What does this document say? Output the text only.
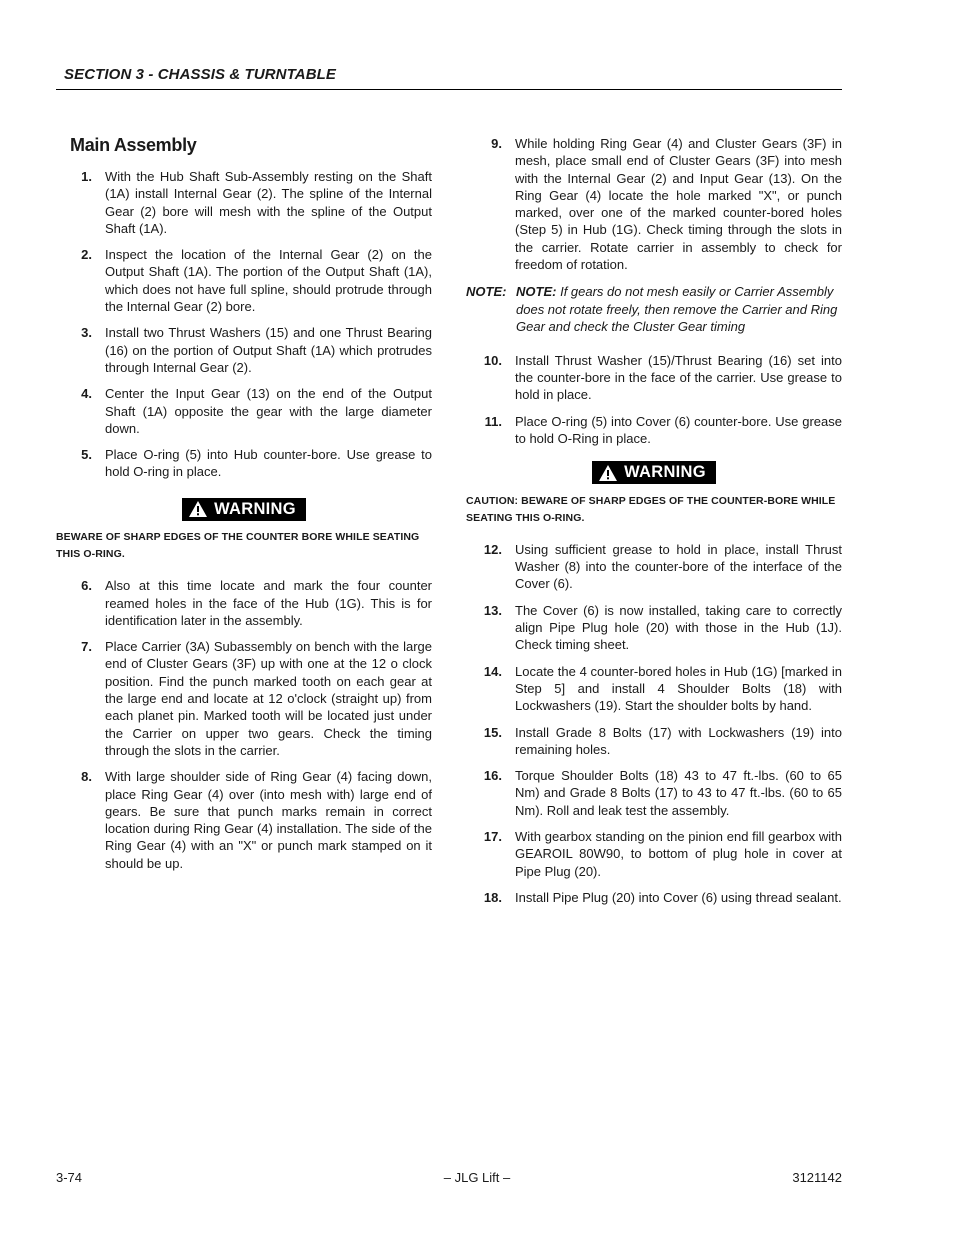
SECTION 3 - CHASSIS & TURNTABLE
Main Assembly
1. With the Hub Shaft Sub-Assembly resting on the Shaft (1A) install Internal Gear (2). The spline of the Internal Gear (2) bore will mesh with the spline of the Output Shaft (1A).
2. Inspect the location of the Internal Gear (2) on the Output Shaft (1A). The portion of the Output Shaft (1A), which does not have full spline, should protrude through the Internal Gear (2) bore.
3. Install two Thrust Washers (15) and one Thrust Bearing (16) on the portion of Output Shaft (1A) which protrudes through Internal Gear (2).
4. Center the Input Gear (13) on the end of the Output Shaft (1A) opposite the gear with the large diameter down.
5. Place O-ring (5) into Hub counter-bore. Use grease to hold O-ring in place.
WARNING
BEWARE OF SHARP EDGES OF THE COUNTER BORE WHILE SEATING THIS O-RING.
6. Also at this time locate and mark the four counter reamed holes in the face of the Hub (1G). This is for identification later in the assembly.
7. Place Carrier (3A) Subassembly on bench with the large end of Cluster Gears (3F) up with one at the 12 o clock position. Find the punch marked tooth on each gear at the large end and locate at 12 o'clock (straight up) from each planet pin. Marked tooth will be located just under the Carrier on upper two gears. Check the timing through the slots in the carrier.
8. With large shoulder side of Ring Gear (4) facing down, place Ring Gear (4) over (into mesh with) large end of gears. Be sure that punch marks remain in correct location during Ring Gear (4) installation. The side of the Ring Gear (4) with an "X" or punch mark stamped on it should be up.
9. While holding Ring Gear (4) and Cluster Gears (3F) in mesh, place small end of Cluster Gears (3F) into mesh with the Internal Gear (2) and Input Gear (13). On the Ring Gear (4) locate the hole marked "X", or punch marked, over one of the marked counter-bored holes (Step 5) in Hub (1G). Check timing through the slots in the carrier. Rotate carrier in assembly to check for freedom of rotation.
NOTE: NOTE: If gears do not mesh easily or Carrier Assembly does not rotate freely, then remove the Carrier and Ring Gear and check the Cluster Gear timing
10. Install Thrust Washer (15)/Thrust Bearing (16) set into the counter-bore in the face of the carrier. Use grease to hold in place.
11. Place O-ring (5) into Cover (6) counter-bore. Use grease to hold O-Ring in place.
WARNING
CAUTION: BEWARE OF SHARP EDGES OF THE COUNTER-BORE WHILE SEATING THIS O-RING.
12. Using sufficient grease to hold in place, install Thrust Washer (8) into the counter-bore of the interface of the Cover (6).
13. The Cover (6) is now installed, taking care to correctly align Pipe Plug hole (20) with those in the Hub (1J). Check timing sheet.
14. Locate the 4 counter-bored holes in Hub (1G) [marked in Step 5] and install 4 Shoulder Bolts (18) with Lockwashers (19). Start the shoulder bolts by hand.
15. Install Grade 8 Bolts (17) with Lockwashers (19) into remaining holes.
16. Torque Shoulder Bolts (18) 43 to 47 ft.-lbs. (60 to 65 Nm) and Grade 8 Bolts (17) to 43 to 47 ft.-lbs. (60 to 65 Nm). Roll and leak test the assembly.
17. With gearbox standing on the pinion end fill gearbox with GEAROIL 80W90, to bottom of plug hole in cover at Pipe Plug (20).
18. Install Pipe Plug (20) into Cover (6) using thread sealant.
3-74	– JLG Lift –	3121142
